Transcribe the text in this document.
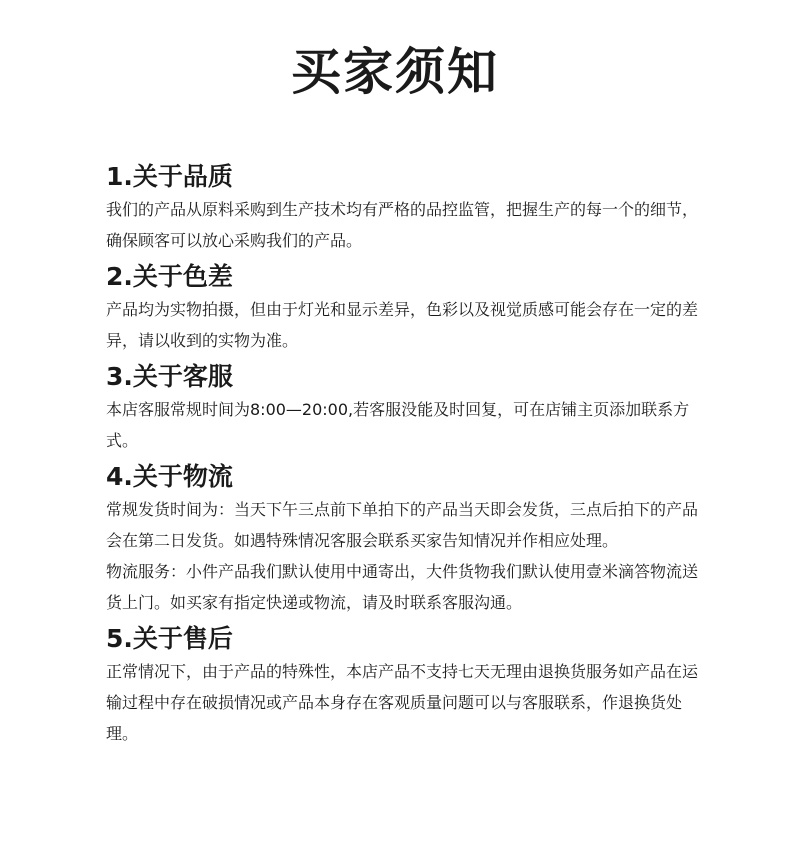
买家须知
1.关于品质
我们的产品从原料采购到生产技术均有严格的品控监管，把握生产的每一个的细节，确保顾客可以放心采购我们的产品。
2.关于色差
产品均为实物拍摄，但由于灯光和显示差异，色彩以及视觉质感可能会存在一定的差异，请以收到的实物为准。
3.关于客服
本店客服常规时间为8:00—20:00,若客服没能及时回复，可在店铺主页添加联系方式。
4.关于物流
常规发货时间为：当天下午三点前下单拍下的产品当天即会发货，三点后拍下的产品会在第二日发货。如遇特殊情况客服会联系买家告知情况并作相应处理。
物流服务：小件产品我们默认使用中通寄出，大件货物我们默认使用壹米滴答物流送货上门。如买家有指定快递或物流，请及时联系客服沟通。
5.关于售后
正常情况下，由于产品的特殊性，本店产品不支持七天无理由退换货服务如产品在运输过程中存在破损情况或产品本身存在客观质量问题可以与客服联系，作退换货处理。
